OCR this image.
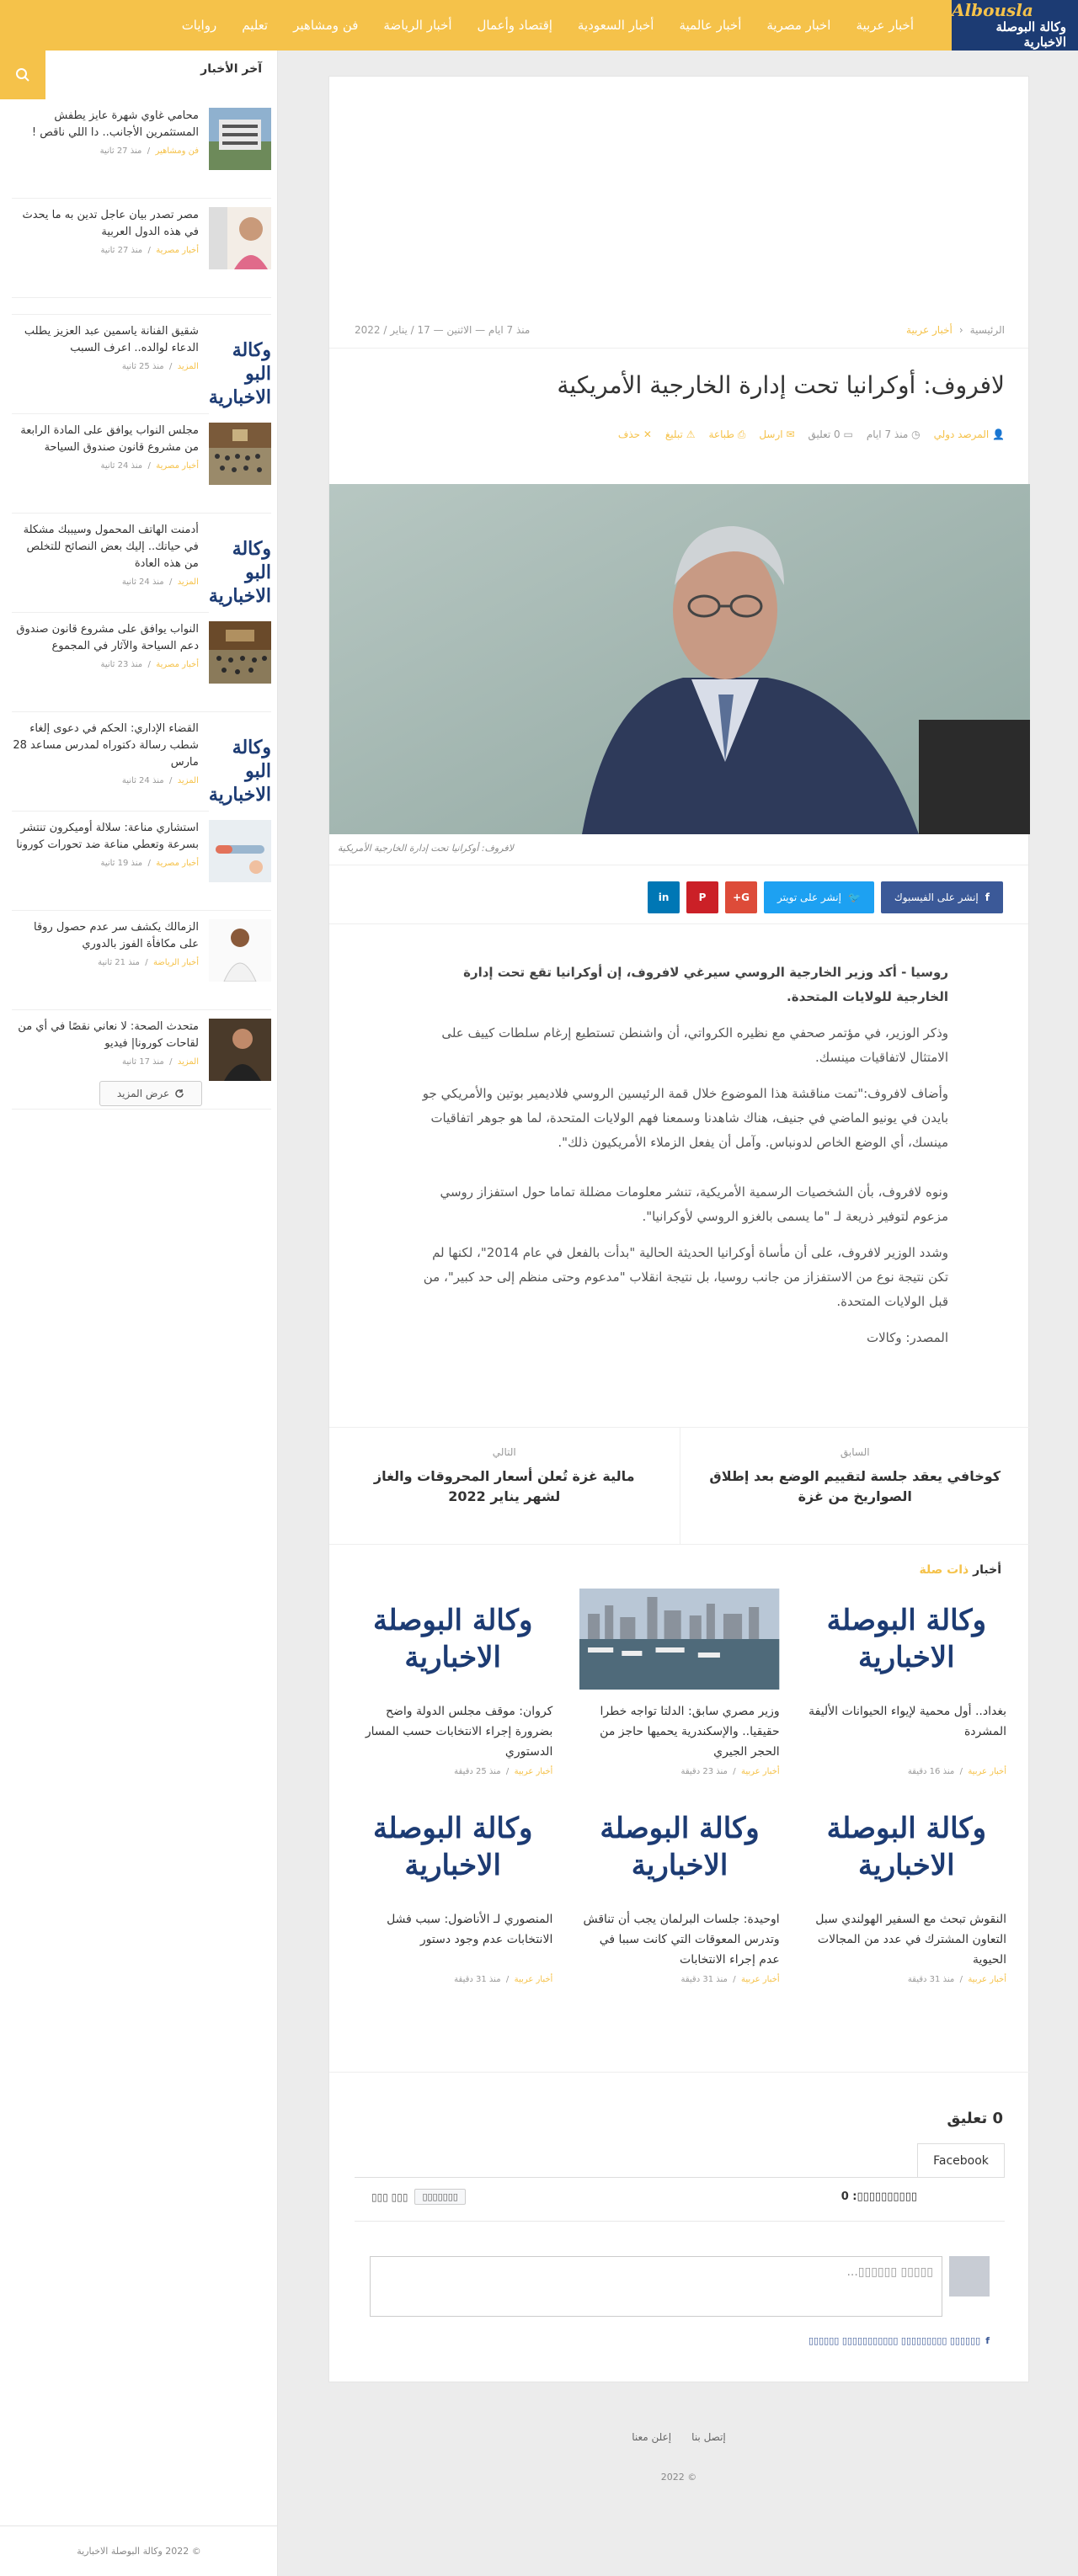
Albousla
وكالة البوصلة الاخبارية
أخبار عربية
اخبار مصرية
أخبار عالمية
أخبار السعودية
إقتصاد وأعمال
أخبار الرياضة
فن ومشاهير
تعليم
روايات
آخر الأخبار
محامي غاوي شهرة عايز يطفش المستثمرين الأجانب.. دا اللي ناقص !
فن ومشاهير  /  منذ 27 ثانية
مصر تصدر بيان عاجل تدين به ما يحدث في هذه الدول العربية
أخبار مصرية  /  منذ 27 ثانية
وكالة البو
الاخبارية
شقيق الفنانة ياسمين عبد العزيز يطلب الدعاء لوالده.. اعرف السبب
المزيد  /  منذ 25 ثانية
مجلس النواب يوافق على المادة الرابعة من مشروع قانون صندوق السياحة
أخبار مصرية  /  منذ 24 ثانية
وكالة البو
الاخبارية
أدمنت الهاتف المحمول وسيببك مشكلة في حياتك.. إليك بعض النصائح للتخلص من هذه العادة
المزيد  /  منذ 24 ثانية
النواب يوافق على مشروع قانون صندوق دعم السياحة والآثار في المجموع
أخبار مصرية  /  منذ 23 ثانية
وكالة البو
الاخبارية
القضاء الإداري: الحكم في دعوى إلغاء شطب رسالة دكتوراه لمدرس مساعد 28 مارس
المزيد  /  منذ 24 ثانية
استشاري مناعة: سلالة أوميكرون تنتشر بسرعة وتعطي مناعة ضد تحورات كورونا
أخبار مصرية  /  منذ 19 ثانية
الزمالك يكشف سر عدم حصول روقا على مكافأة الفوز بالدوري
أخبار الرياضة  /  منذ 21 ثانية
متحدث الصحة: لا نعاني نقصًا في أي من لقاحات كورونا| فيديو
المزيد  /  منذ 17 ثانية
عرض المزيد
© 2022 وكالة البوصلة الاخبارية
الرئيسية
‹
أخبار عربية
منذ 7 ايام — الاثنين — 17 / يناير / 2022
لافروف: أوكرانيا تحت إدارة الخارجية الأمريكية
👤 المرصد دولي
◷ منذ 7 ايام
▭ 0 تعليق
✉ ارسل
⎙ طباعة
⚠ تبليغ
✕ حذف
لافروف: أوكرانيا تحت إدارة الخارجية الأمريكية
f
إنشر على الفيسبوك
🐦
إنشر على تويتر
G+
P
in

روسيا - أكد وزير الخارجية الروسي سيرغي لافروف، إن أوكرانيا تقع تحت إدارة الخارجية للولايات المتحدة.

وذكر الوزير، في مؤتمر صحفي مع نظيره الكرواتي، أن واشنطن تستطيع إرغام سلطات كييف على الامتثال لاتفاقيات مينسك.

وأضاف لافروف:"تمت مناقشة هذا الموضوع خلال قمة الرئيسين الروسي فلاديمير بوتين والأمريكي جو بايدن في يونيو الماضي في جنيف، هناك شاهدنا وسمعنا فهم الولايات المتحدة، لما هو جوهر اتفاقيات مينسك، أي الوضع الخاص لدونباس. وآمل أن يفعل الزملاء الأمريكيون ذلك".

ونوه لافروف، بأن الشخصيات الرسمية الأمريكية، تنشر معلومات مضللة تماما حول استفزاز روسي مزعوم لتوفير ذريعة لـ "ما يسمى بالغزو الروسي لأوكرانيا".

وشدد الوزير لافروف، على أن مأساة أوكرانيا الحديثة الحالية "بدأت بالفعل في عام 2014"، لكنها لم تكن نتيجة نوع من الاستفزاز من جانب روسيا، بل نتيجة انقلاب "مدعوم وحتى منظم إلى حد كبير"، من قبل الولايات المتحدة.

المصدر: وكالات

السابق
كوخافي يعقد جلسة لتقييم الوضع بعد إطلاق الصواريخ من غزة
التالي
مالية غزة تُعلن أسعار المحروقات والغاز لشهر يناير 2022
أخبار ذات صلة
وكالة البوصلة
الاخبارية
بغداد.. أول محمية لإيواء الحيوانات الأليفة المشردة
أخبار عربية  /  منذ 16 دقيقة
وزير مصري سابق: الدلتا تواجه خطرا حقيقيا.. والإسكندرية يحميها حاجز من الحجر الجيري
أخبار عربية  /  منذ 23 دقيقة
وكالة البوصلة
الاخبارية
كروان: موقف مجلس الدولة واضح بضرورة إجراء الانتخابات حسب المسار الدستوري
أخبار عربية  /  منذ 25 دقيقة
وكالة البوصلة
الاخبارية
النقوش تبحث مع السفير الهولندي سبل التعاون المشترك في عدد من المجالات الحيوية
أخبار عربية  /  منذ 31 دقيقة
وكالة البوصلة
الاخبارية
اوحيدة: جلسات البرلمان يجب أن تناقش وتدرس المعوقات التي كانت سببا في عدم إجراء الانتخابات
أخبار عربية  /  منذ 31 دقيقة
وكالة البوصلة
الاخبارية
المنصوري لـ الأناضول: سبب فشل الانتخابات عدم وجود دستور
أخبار عربية  /  منذ 31 دقيقة
0 تعليق
Facebook
▯▯▯▯▯▯▯▯▯▯: 0
▯▯▯▯▯▯▯
▯▯▯ ▯▯▯
▯▯▯▯▯ ▯▯▯▯▯▯...
f
▯▯▯▯▯▯ ▯▯▯▯▯▯▯▯▯ ▯▯▯▯▯▯▯▯▯▯▯ ▯▯▯▯▯▯
إتصل بنا
إعلن معنا
© 2022
